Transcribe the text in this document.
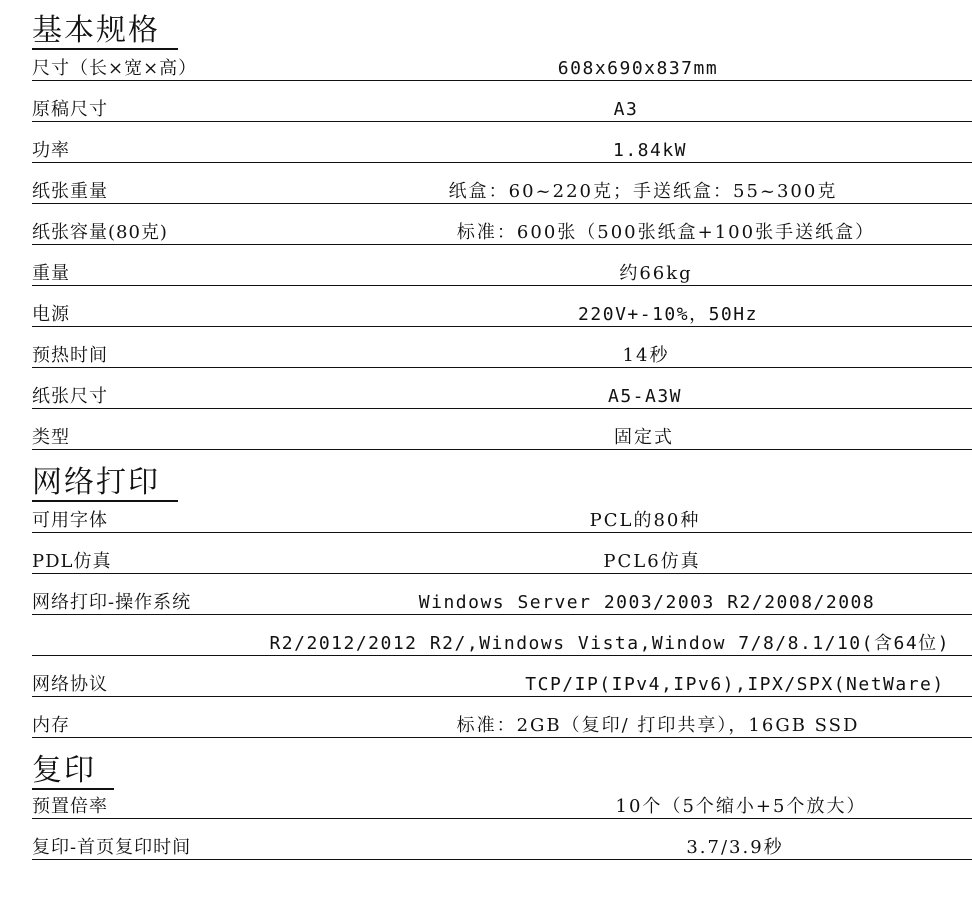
基本规格
尺寸（长×宽×高）	608x690x837mm
原稿尺寸	A3
功率	1.84kW
纸张重量	纸盒：60~220克；手送纸盒：55~300克
纸张容量(80克)	标准：600张（500张纸盒+100张手送纸盒）
重量	约66kg
电源	220V+-10%，50Hz
预热时间	14秒
纸张尺寸	A5-A3W
类型	固定式
网络打印
可用字体	PCL的80种
PDL仿真	PCL6仿真
网络打印-操作系统	Windows Server 2003/2003 R2/2008/2008
R2/2012/2012 R2/,Windows Vista,Window 7/8/8.1/10(含64位)
网络协议	TCP/IP(IPv4,IPv6),IPX/SPX(NetWare)
内存	标准：2GB（复印/ 打印共享），16GB SSD
复印
预置倍率	10个（5个缩小+5个放大）
复印-首页复印时间	3.7/3.9秒
